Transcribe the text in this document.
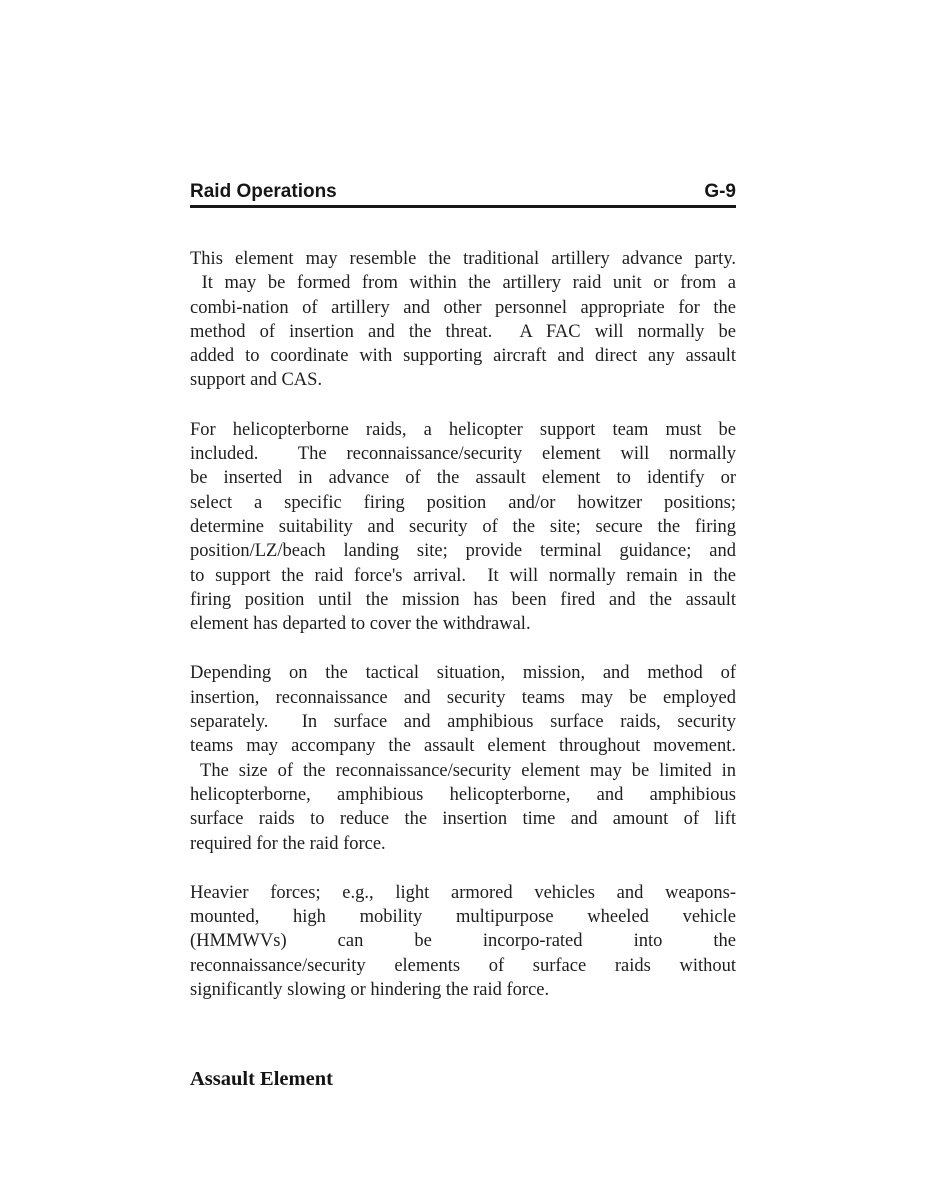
Raid Operations	G-9
This element may resemble the traditional artillery advance party.
It may be formed from within the artillery raid unit or from a
combi-nation of artillery and other personnel appropriate for the
method of insertion and the threat.  A FAC will normally be
added to coordinate with supporting aircraft and direct any assault
support and CAS.
For helicopterborne raids, a helicopter support team must be
included.  The reconnaissance/security element will normally
be inserted in advance of the assault element to identify or
select a specific firing position and/or howitzer positions;
determine suitability and security of the site; secure the firing
position/LZ/beach landing site; provide terminal guidance; and
to support the raid force's arrival.  It will normally remain in the
firing position until the mission has been fired and the assault
element has departed to cover the withdrawal.
Depending on the tactical situation, mission, and method of
insertion, reconnaissance and security teams may be employed
separately.  In surface and amphibious surface raids, security
teams may accompany the assault element throughout movement.
The size of the reconnaissance/security element may be limited in
helicopterborne, amphibious helicopterborne, and amphibious
surface raids to reduce the insertion time and amount of lift
required for the raid force.
Heavier forces; e.g., light armored vehicles and weapons-
mounted, high mobility multipurpose wheeled vehicle
(HMMWVs) can be incorpo-rated into the
reconnaissance/security elements of surface raids without
significantly slowing or hindering the raid force.
Assault Element
